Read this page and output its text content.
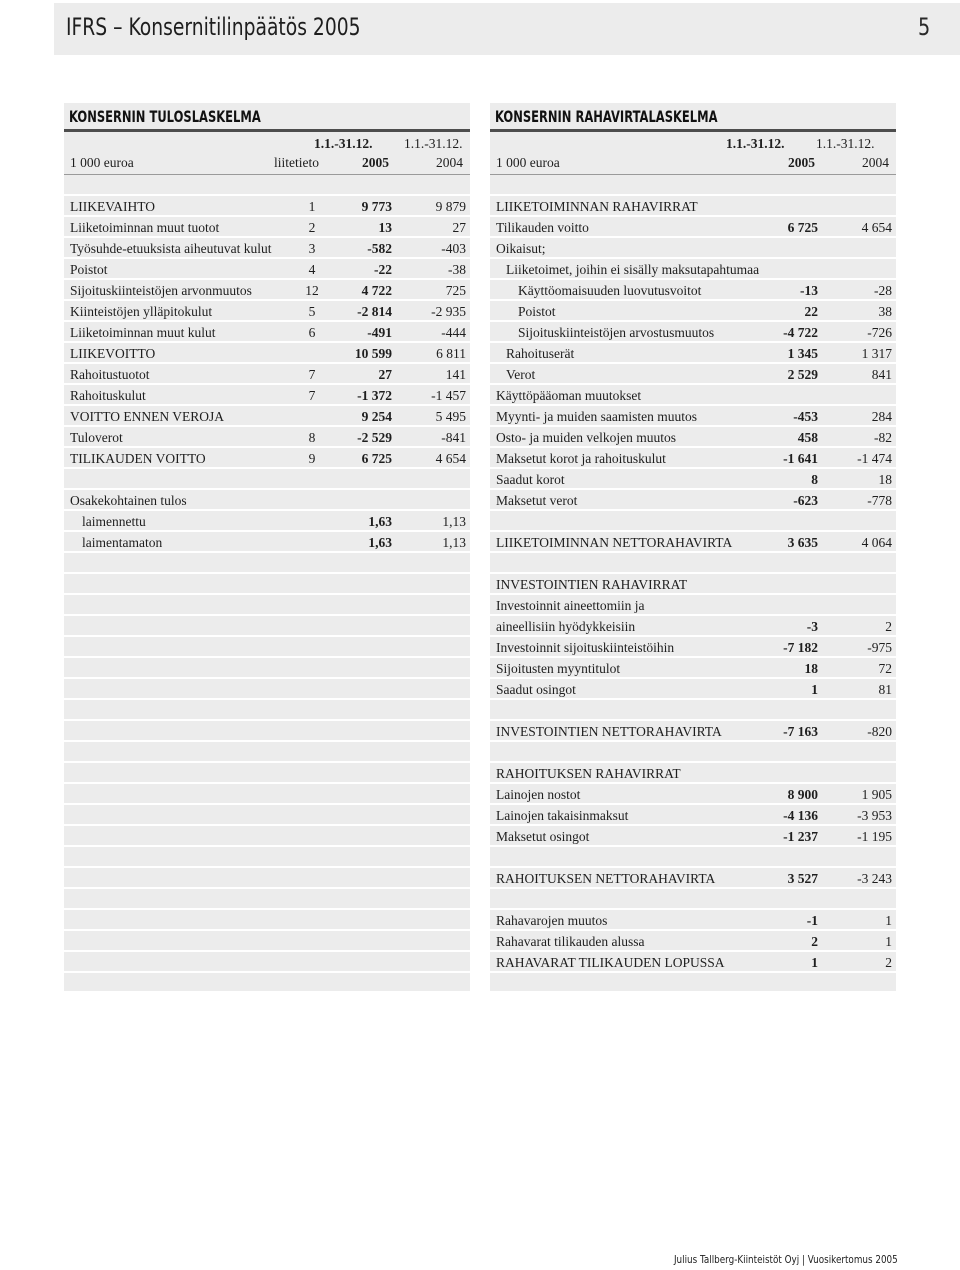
IFRS – Konsernitilinpäätös 2005	5
KONSERNIN TULOSLASKELMA
1.1.-31.12. 1.1.-31.12.
1 000 euroa	liitetieto	2005	2004
LIIKEVAIHTO	1	9 773	9 879
Liiketoiminnan muut tuotot	2	13	27
Työsuhde-etuuksista aiheutuvat kulut	3	-582	-403
Poistot	4	-22	-38
Sijoituskiinteistöjen arvonmuutos	12	4 722	725
Kiinteistöjen ylläpitokulut	5	-2 814	-2 935
Liiketoiminnan muut kulut	6	-491	-444
LIIKEVOITTO	10 599	6 811
Rahoitustuotot	7	27	141
Rahoituskulut	7	-1 372	-1 457
VOITTO ENNEN VEROJA	9 254	5 495
Tuloverot	8	-2 529	-841
TILIKAUDEN VOITTO	9	6 725	4 654
Osakekohtainen tulos
laimennettu	1,63	1,13
laimentamaton	1,63	1,13
KONSERNIN RAHAVIRTALASKELMA
1.1.-31.12. 1.1.-31.12.
1 000 euroa	2005	2004
LIIKETOIMINNAN RAHAVIRRAT
Tilikauden voitto	6 725	4 654
Oikaisut;
Liiketoimet, joihin ei sisälly maksutapahtumaa
Käyttöomaisuuden luovutusvoitot	-13	-28
Poistot	22	38
Sijoituskiinteistöjen arvostusmuutos	-4 722	-726
Rahoituserät	1 345	1 317
Verot	2 529	841
Käyttöpääoman muutokset
Myynti- ja muiden saamisten muutos	-453	284
Osto- ja muiden velkojen muutos	458	-82
Maksetut korot ja rahoituskulut	-1 641	-1 474
Saadut korot	8	18
Maksetut verot	-623	-778
LIIKETOIMINNAN NETTORAHAVIRTA	3 635	4 064
INVESTOINTIEN RAHAVIRRAT
Investoinnit aineettomiin ja
aineellisiin hyödykkeisiin	-3	2
Investoinnit sijoituskiinteistöihin	-7 182	-975
Sijoitusten myyntitulot	18	72
Saadut osingot	1	81
INVESTOINTIEN NETTORAHAVIRTA	-7 163	-820
RAHOITUKSEN RAHAVIRRAT
Lainojen nostot	8 900	1 905
Lainojen takaisinmaksut	-4 136	-3 953
Maksetut osingot	-1 237	-1 195
RAHOITUKSEN NETTORAHAVIRTA	3 527	-3 243
Rahavarojen muutos	-1	1
Rahavarat tilikauden alussa	2	1
RAHAVARAT TILIKAUDEN LOPUSSA	1	2
Julius Tallberg-Kiinteistöt Oyj | Vuosikertomus 2005
